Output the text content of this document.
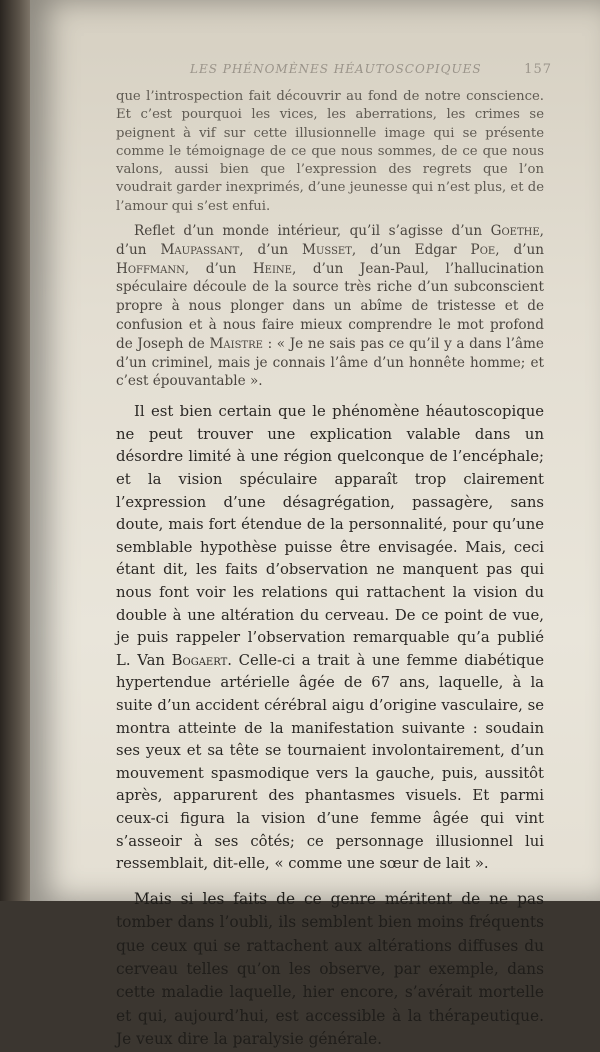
LES PHÉNOMÈNES HÉAUTOSCOPIQUES	157

que l’introspection fait découvrir au fond de notre conscience. Et c’est pourquoi les vices, les aberrations, les crimes se peignent à vif sur cette illusionnelle image qui se présente comme le témoignage de ce que nous sommes, de ce que nous valons, aussi bien que l’expression des regrets que l’on voudrait garder inexprimés, d’une jeunesse qui n’est plus, et de l’amour qui s’est enfui.

Reflet d’un monde intérieur, qu’il s’agisse d’un Goethe, d’un Maupassant, d’un Musset, d’un Edgar Poe, d’un Hoffmann, d’un Heine, d’un Jean-Paul, l’hallucination spéculaire découle de la source très riche d’un subconscient propre à nous plonger dans un abîme de tristesse et de confusion et à nous faire mieux comprendre le mot profond de Joseph de Maistre : « Je ne sais pas ce qu’il y a dans l’âme d’un criminel, mais je connais l’âme d’un honnête homme; et c’est épouvantable ».

Il est bien certain que le phénomène héautoscopique ne peut trouver une explication valable dans un désordre limité à une région quelconque de l’encéphale; et la vision spéculaire apparaît trop clairement l’expression d’une désagrégation, passagère, sans doute, mais fort étendue de la personnalité, pour qu’une semblable hypothèse puisse être envisagée. Mais, ceci étant dit, les faits d’observation ne manquent pas qui nous font voir les relations qui rattachent la vision du double à une altération du cerveau. De ce point de vue, je puis rappeler l’observation remarquable qu’a publié L. Van Bogaert. Celle-ci a trait à une femme diabétique hypertendue artérielle âgée de 67 ans, laquelle, à la suite d’un accident cérébral aigu d’origine vasculaire, se montra atteinte de la manifestation suivante : soudain ses yeux et sa tête se tournaient involontairement, d’un mouvement spasmodique vers la gauche, puis, aussitôt après, apparurent des phantasmes visuels. Et parmi ceux-ci figura la vision d’une femme âgée qui vint s’asseoir à ses côtés; ce personnage illusionnel lui ressemblait, dit-elle, « comme une sœur de lait ».

Mais si les faits de ce genre méritent de ne pas tomber dans l’oubli, ils semblent bien moins fréquents que ceux qui se rattachent aux altérations diffuses du cerveau telles qu’on les observe, par exemple, dans cette maladie laquelle, hier encore, s’avérait mortelle et qui, aujourd’hui, est accessible à la thérapeutique. Je veux dire la paralysie générale.
